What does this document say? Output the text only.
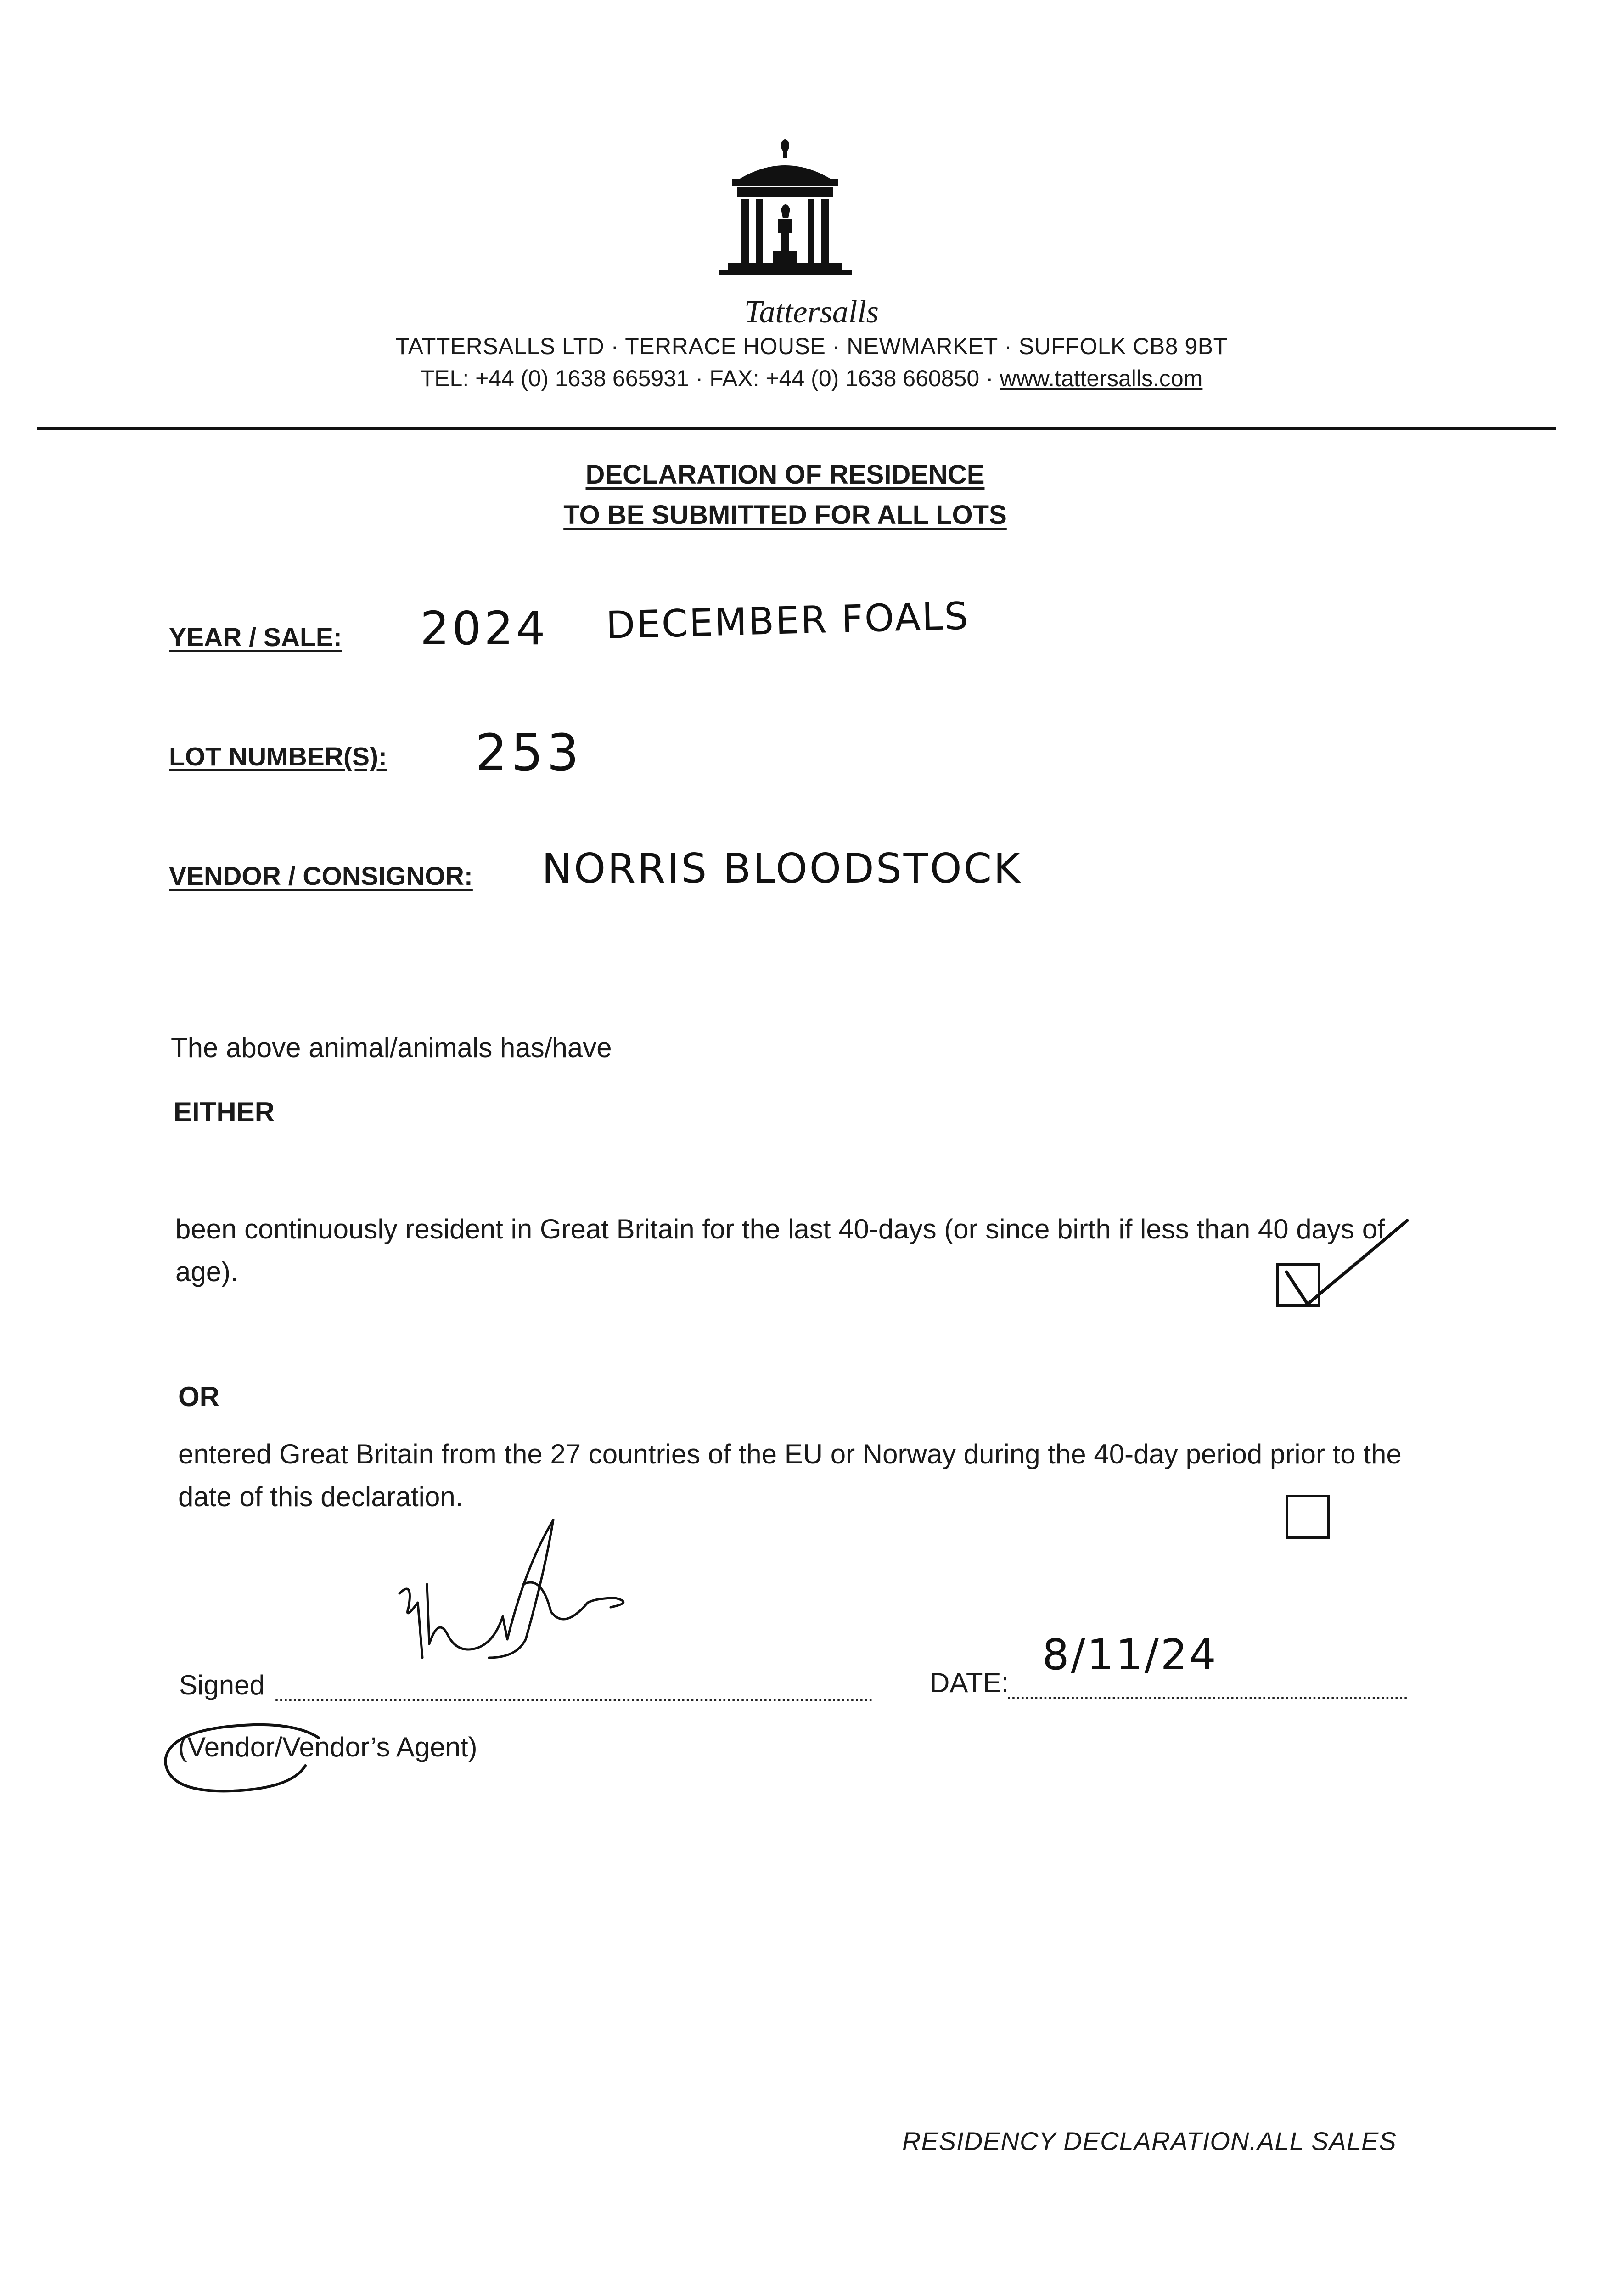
Tattersalls
TATTERSALLS LTD · TERRACE HOUSE · NEWMARKET · SUFFOLK CB8 9BT
TEL: +44 (0) 1638 665931 · FAX: +44 (0) 1638 660850 · www.tattersalls.com
DECLARATION OF RESIDENCE
TO BE SUBMITTED FOR ALL LOTS
YEAR / SALE: 2024 DECEMBER FOALS
LOT NUMBER(S): 253
VENDOR / CONSIGNOR: NORRIS BLOODSTOCK
The above animal/animals has/have
EITHER
been continuously resident in Great Britain for the last 40-days (or since birth if less than 40 days of age).
OR
entered Great Britain from the 27 countries of the EU or Norway during the 40-day period prior to the date of this declaration.
Signed	DATE:
8/11/24
(Vendor/Vendor’s Agent)
RESIDENCY DECLARATION.ALL SALES
